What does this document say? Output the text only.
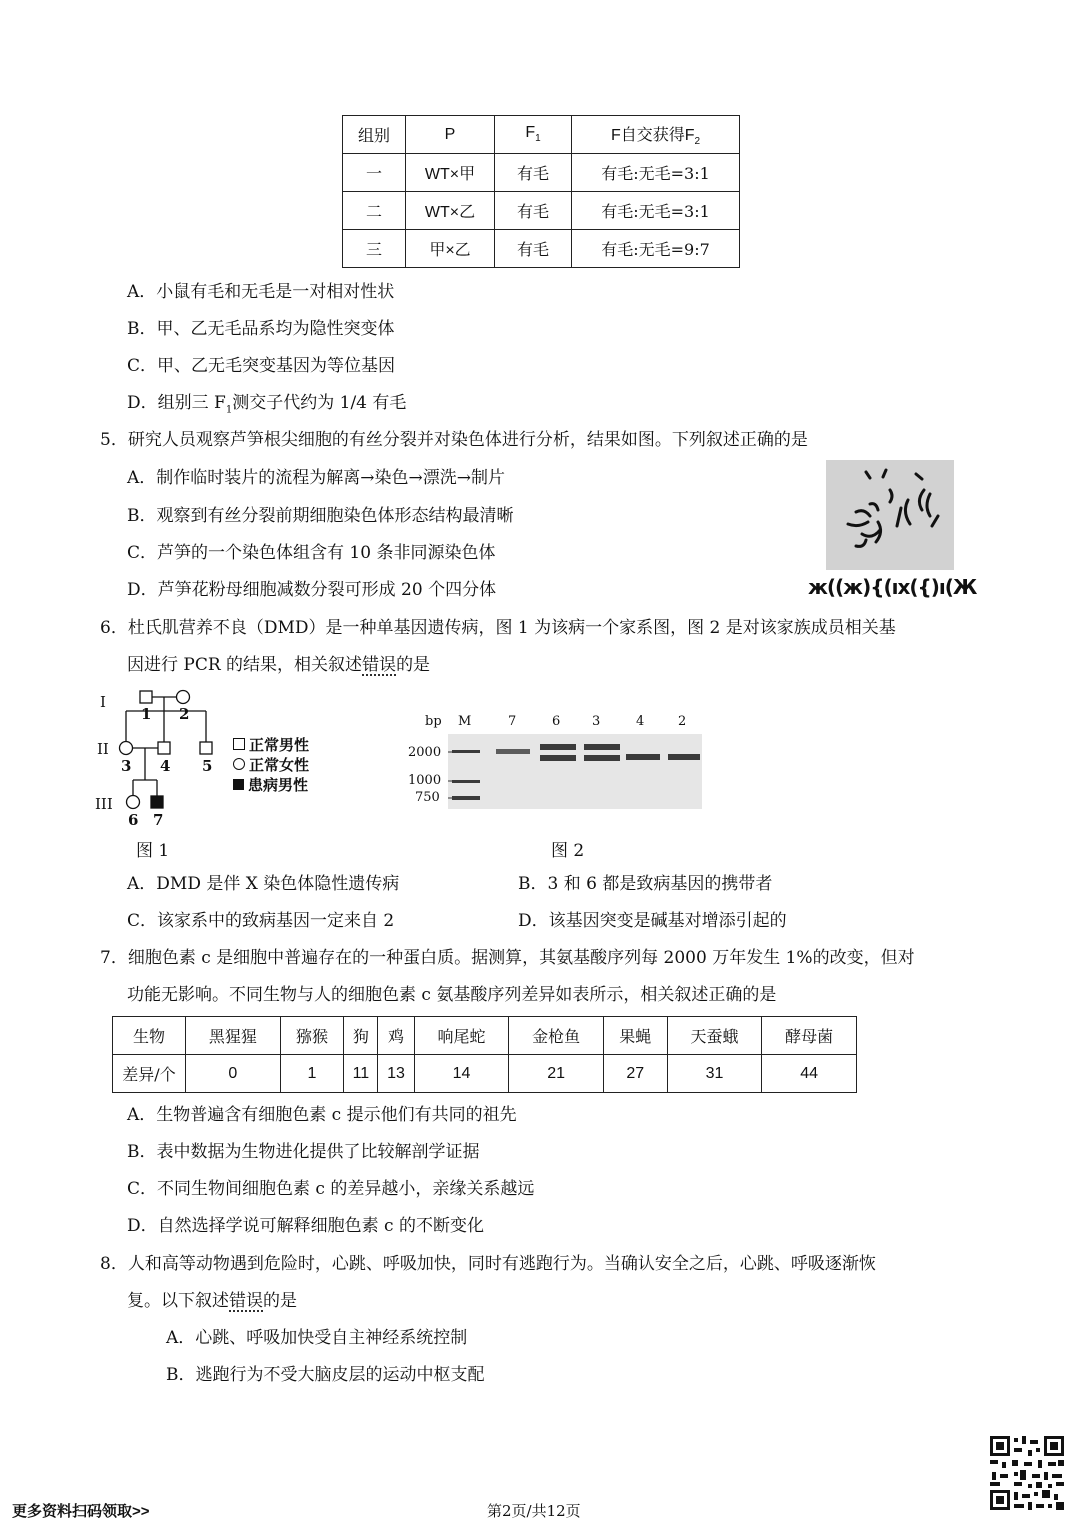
组别	P	$F_1$	F自交获得$F_2$
一	WT×甲	有毛	有毛:无毛=3:1
二	WT×乙	有毛	有毛:无毛=3:1
三	甲×乙	有毛	有毛:无毛=9:7
A．小鼠有毛和无毛是一对相对性状
B．甲、乙无毛品系均为隐性突变体
C．甲、乙无毛突变基因为等位基因
D．组别三 $F_1$测交子代约为 1/4 有毛
5．研究人员观察芦笋根尖细胞的有丝分裂并对染色体进行分析，结果如图。下列叙述正确的是
A．制作临时装片的流程为解离→染色→漂洗→制片
B．观察到有丝分裂前期细胞染色体形态结构最清晰
C．芦笋的一个染色体组含有 10 条非同源染色体
D．芦笋花粉母细胞减数分裂可形成 20 个四分体	ж((ж){(ıх({)ı(Ж
6．杜氏肌营养不良（DMD）是一种单基因遗传病，图 1 为该病一个家系图，图 2 是对该家族成员相关基
因进行 PCR 的结果，相关叙述错误的是
I
II
III
1 2
3 4 5
6 7
正常男性
正常女性
患病男性
图 1
bp M	7	6 3	4	2
2000
1000
750
图 2
A．DMD 是伴 X 染色体隐性遗传病	B．3 和 6 都是致病基因的携带者
C．该家系中的致病基因一定来自 2	D．该基因突变是碱基对增添引起的
7．细胞色素 c 是细胞中普遍存在的一种蛋白质。据测算，其氨基酸序列每 2000 万年发生 1%的改变，但对
功能无影响。不同生物与人的细胞色素 c 氨基酸序列差异如表所示，相关叙述正确的是
生物	黑猩猩	猕猴	狗	鸡	响尾蛇	金枪鱼	果蝇	天蚕蛾	酵母菌
差异/个	0	1	11	13	14	21	27	31	44
A．生物普遍含有细胞色素 c 提示他们有共同的祖先
B．表中数据为生物进化提供了比较解剖学证据
C．不同生物间细胞色素 c 的差异越小，亲缘关系越远
D．自然选择学说可解释细胞色素 c 的不断变化
8．人和高等动物遇到危险时，心跳、呼吸加快，同时有逃跑行为。当确认安全之后，心跳、呼吸逐渐恢
复。以下叙述错误的是
A．心跳、呼吸加快受自主神经系统控制
B．逃跑行为不受大脑皮层的运动中枢支配
更多资料扫码领取>>	第2页/共12页
